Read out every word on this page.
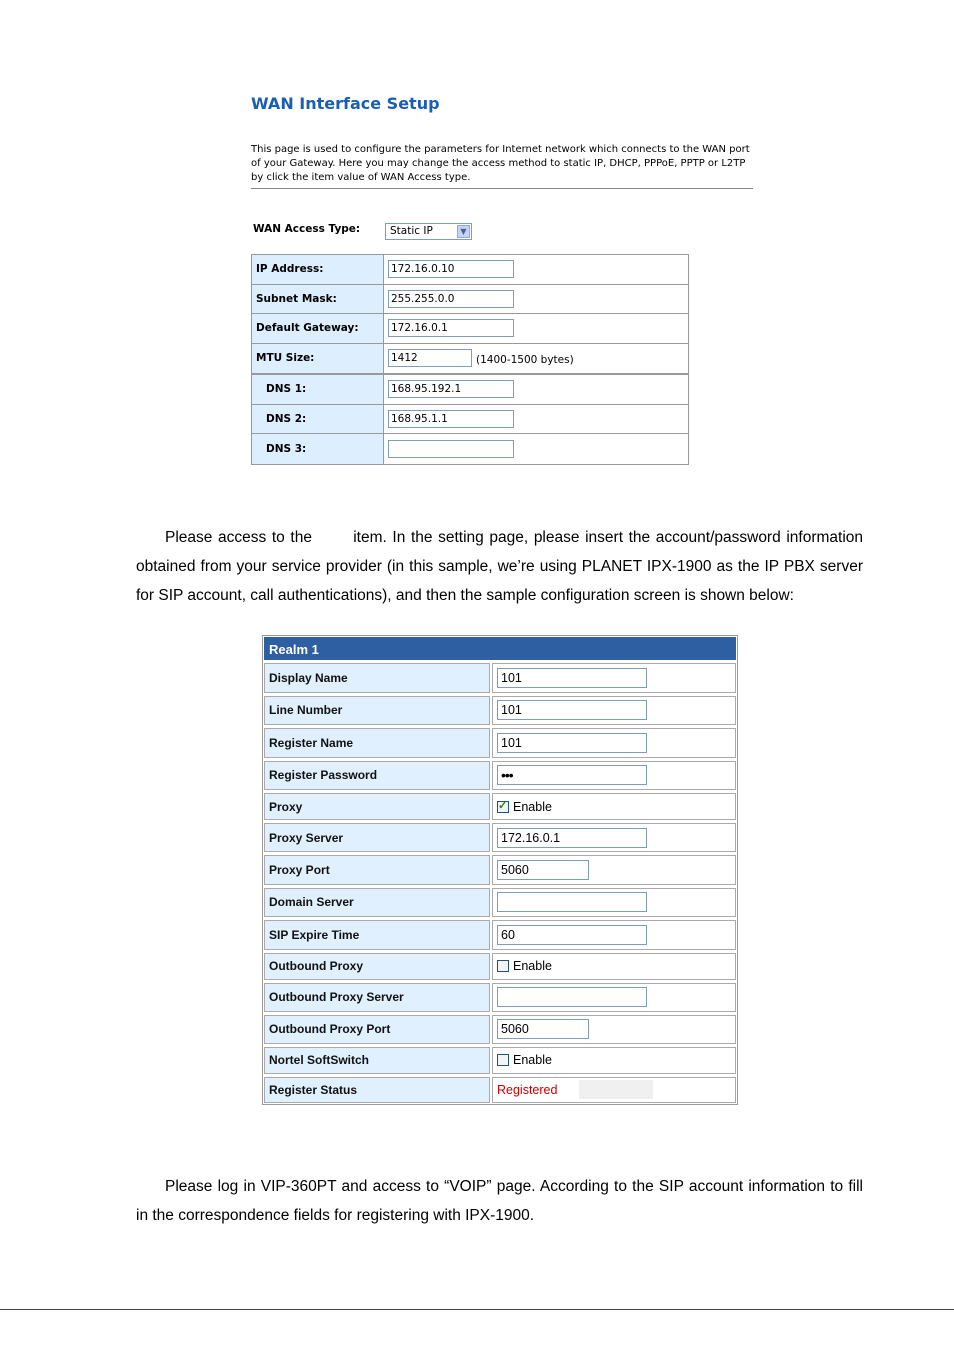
WAN Interface Setup
This page is used to configure the parameters for Internet network which connects to the WAN port of your Gateway. Here you may change the access method to static IP, DHCP, PPPoE, PPTP or L2TP by click the item value of WAN Access type.
WAN Access Type:	Static IP	▼
IP Address:	172.16.0.10
Subnet Mask:	255.255.0.0
Default Gateway:	172.16.0.1
MTU Size:	1412	(1400-1500 bytes)
DNS 1:	168.95.192.1
DNS 2:	168.95.1.1
DNS 3:
Please access to the	item. In the setting page, please insert the account/password information obtained from your service provider (in this sample, we’re using PLANET IPX-1900 as the IP PBX server for SIP account, call authentications), and then the sample configuration screen is shown below:
Realm 1
Display Name	101
Line Number	101
Register Name	101
Register Password	•••
Proxy ✓	Enable
Proxy Server	172.16.0.1
Proxy Port	5060
Domain Server
SIP Expire Time	60
Outbound Proxy	Enable
Outbound Proxy Server
Outbound Proxy Port	5060
Nortel SoftSwitch	Enable
Register Status	Registered
Please log in VIP-360PT and access to “VOIP” page. According to the SIP account information to fill in the correspondence fields for registering with IPX-1900.
